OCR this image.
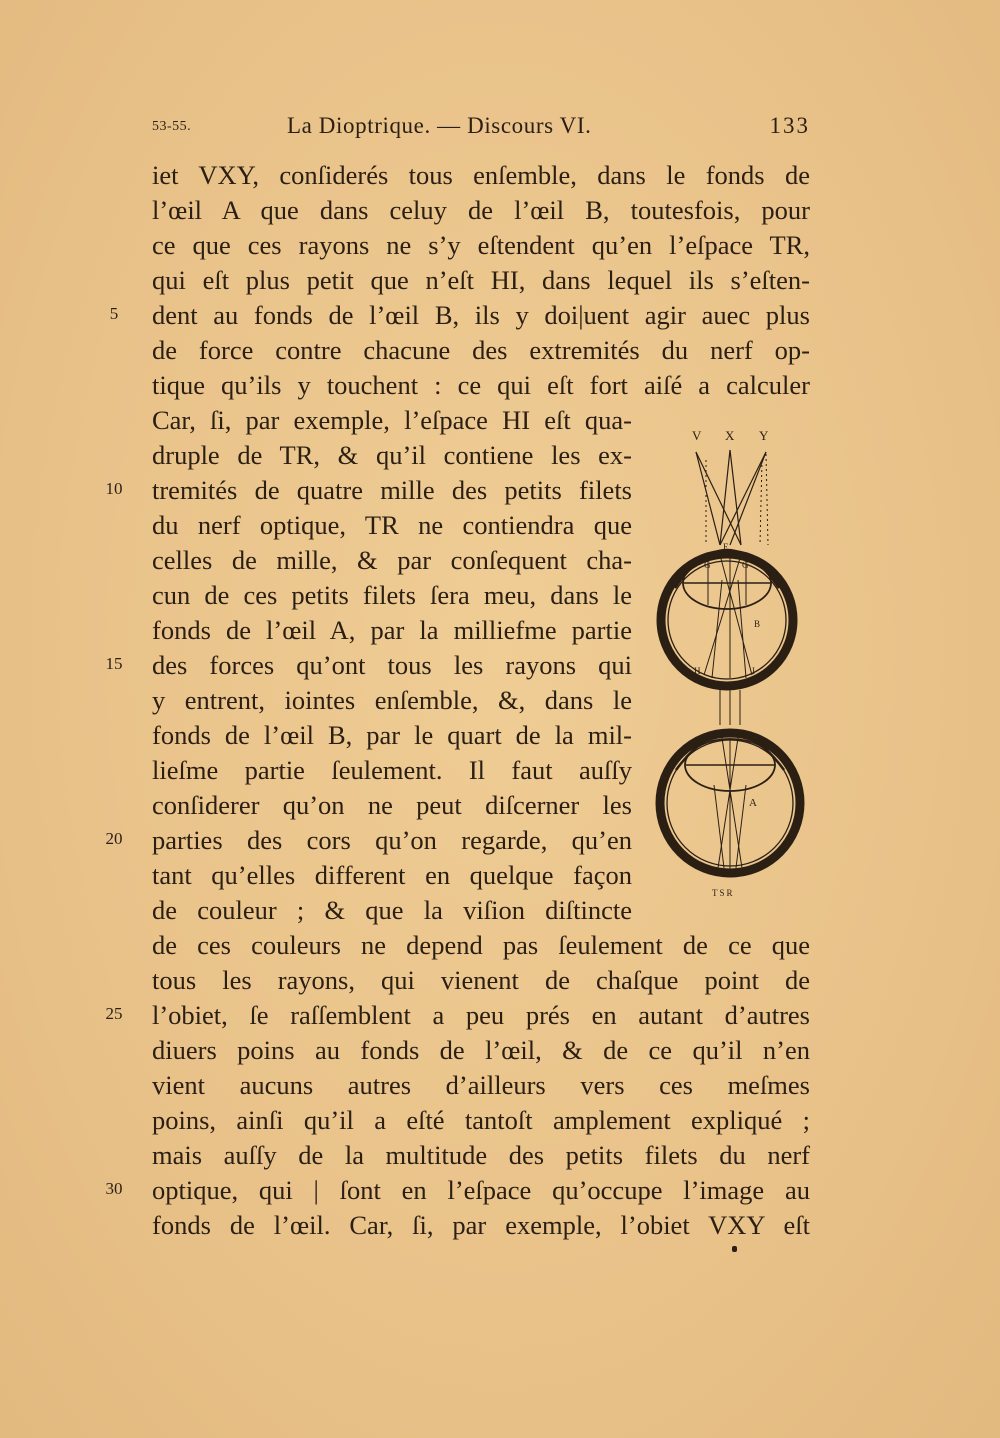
53-55.	La Dioptrique. — Discours VI.	133
iet VXY, conſiderés tous enſemble, dans le fonds de
l’œil A que dans celuy de l’œil B, toutesfois, pour
ce que ces rayons ne s’y eſtendent qu’en l’eſpace TR,
qui eſt plus petit que n’eſt HI, dans lequel ils s’eſten-
dent au fonds de l’œil B, ils y doi|uent agir auec plus
de force contre chacune des extremités du nerf op-
tique qu’ils y touchent : ce qui eſt fort aiſé a calculer
Car, ſi, par exemple, l’eſpace HI eſt qua-
druple de TR, & qu’il contiene les ex-
tremités de quatre mille des petits filets
du nerf optique, TR ne contiendra que
celles de mille, & par conſequent cha-
cun de ces petits filets ſera meu, dans le
fonds de l’œil A, par la milliefme partie
des forces qu’ont tous les rayons qui
y entrent, iointes enſemble, &, dans le
fonds de l’œil B, par le quart de la mil-
lieſme partie ſeulement. Il faut auſſy
conſiderer qu’on ne peut diſcerner les
parties des cors qu’on regarde, qu’en
tant qu’elles different en quelque façon
de couleur ; & que la viſion diſtincte
de ces couleurs ne depend pas ſeulement de ce que
tous les rayons, qui vienent de chaſque point de
l’obiet, ſe raſſemblent a peu prés en autant d’autres
diuers poins au fonds de l’œil, & de ce qu’il n’en
vient aucuns autres d’ailleurs vers ces meſmes
poins, ainſi qu’il a eſté tantoſt amplement expliqué ;
mais auſſy de la multitude des petits filets du nerf
optique, qui | ſont en l’eſpace qu’occupe l’image au
fonds de l’œil. Car, ſi, par exemple, l’obiet VXY eſt
5
10
15
20
25
30
V X Y
E
G	G
B
H	I
F
A
TSR
